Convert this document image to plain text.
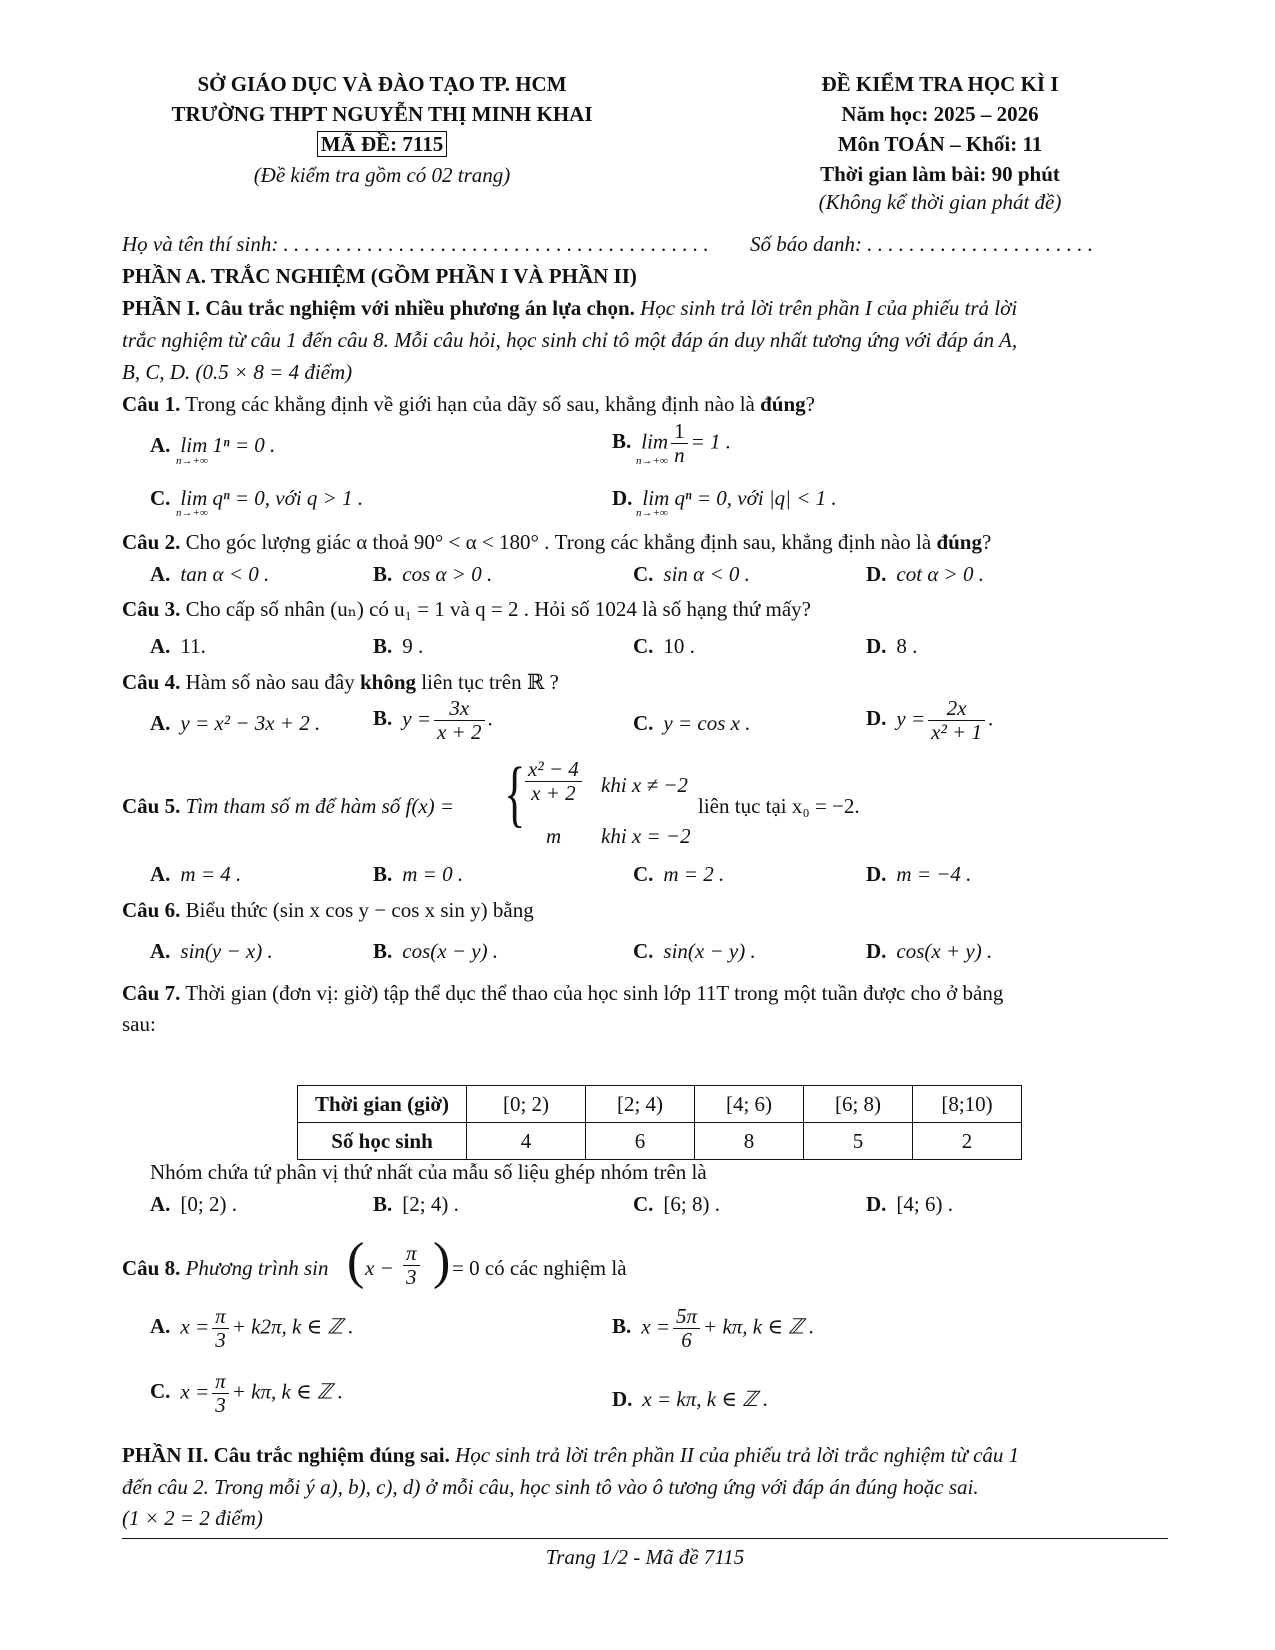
SỞ GIÁO DỤC VÀ ĐÀO TẠO TP. HCM
TRƯỜNG THPT NGUYỄN THỊ MINH KHAI
MÃ ĐỀ: 7115
(Đề kiểm tra gồm có 02 trang)
ĐỀ KIỂM TRA HỌC KÌ I
Năm học: 2025 – 2026
Môn TOÁN – Khối: 11
Thời gian làm bài: 90 phút
(Không kể thời gian phát đề)
Họ và tên thí sinh: . . . . . . . . . . . . . . . . . . . . . . . . . . . . . . . . . . . . . . . . . Số báo danh: . . . . . . . . . . . . . . . . . . . . . .
PHẦN A. TRẮC NGHIỆM (GỒM PHẦN I VÀ PHẦN II)
PHẦN I. Câu trắc nghiệm với nhiều phương án lựa chọn. Học sinh trả lời trên phần I của phiếu trả lời
trắc nghiệm từ câu 1 đến câu 8. Mỗi câu hỏi, học sinh chỉ tô một đáp án duy nhất tương ứng với đáp án A,
B, C, D. (0.5 × 8 = 4 điểm)
Câu 1. Trong các khẳng định về giới hạn của dãy số sau, khẳng định nào là đúng?
A. lim 1ⁿ = 0 .	B. $\lim \frac{1}{n} = 1$ .
C. lim qⁿ = 0, với q > 1 .	D. lim qⁿ = 0, với |q| < 1 .
n→+∞	n→+∞
n→+∞	n→+∞
Câu 2. Cho góc lượng giác α thoả 90° < α < 180° . Trong các khẳng định sau, khẳng định nào là đúng?
A. tan α < 0 .	B. cos α > 0 .	C. sin α < 0 .	D. cot α > 0 .
Câu 3. Cho cấp số nhân (uₙ) có u₁ = 1 và q = 2 . Hỏi số 1024 là số hạng thứ mấy?
A. 11.	B. 9 .	C. 10 .	D. 8 .
Câu 4. Hàm số nào sau đây không liên tục trên ℝ ?
A. y = x² − 3x + 2 .	B. $y = \frac{3x}{x + 2}$ .	C. y = cos x .	D. $y = \frac{2x}{\text{x² + 1}}$ .
Câu 5. Tìm tham số m để hàm số f(x) = { $\frac{\text{x² − 4}}{x + 2}$ khi x ≠ −2
m khi x = −2
liên tục tại x₀ = −2.
A. m = 4 .	B. m = 0 .	C. m = 2 .	D. m = −4 .
Câu 6. Biểu thức (sin x cos y − cos x sin y) bằng
A. sin(y − x) .	B. cos(x − y) .	C. sin(x − y) .	D. cos(x + y) .
Câu 7. Thời gian (đơn vị: giờ) tập thể dục thể thao của học sinh lớp 11T trong một tuần được cho ở bảng
sau:
Thời gian (giờ)	[0; 2)	[2; 4)	[4; 6)	[6; 8)	[8;10)
Số học sinh	4	6	8	5	2
Nhóm chứa tứ phân vị thứ nhất của mẫu số liệu ghép nhóm trên là
A. [0; 2) .	B. [2; 4) .	C. [6; 8) .	D. [4; 6) .
Câu 8. Phương trình sin ( $x - \frac{\pi}{3}$ ) = 0 có các nghiệm là
A. $x = \frac{\pi}{3} + k2\pi$, k ∈ ℤ .	B. $x = \frac{5\pi}{6} + k\pi$, k ∈ ℤ .
C. $x = \frac{\pi}{3} + k\pi$, k ∈ ℤ .	D. x = kπ, k ∈ ℤ .
PHẦN II. Câu trắc nghiệm đúng sai. Học sinh trả lời trên phần II của phiếu trả lời trắc nghiệm từ câu 1
đến câu 2. Trong mỗi ý a), b), c), d) ở mỗi câu, học sinh tô vào ô tương ứng với đáp án đúng hoặc sai.
(1 × 2 = 2 điểm)
Trang 1/2 - Mã đề 7115
